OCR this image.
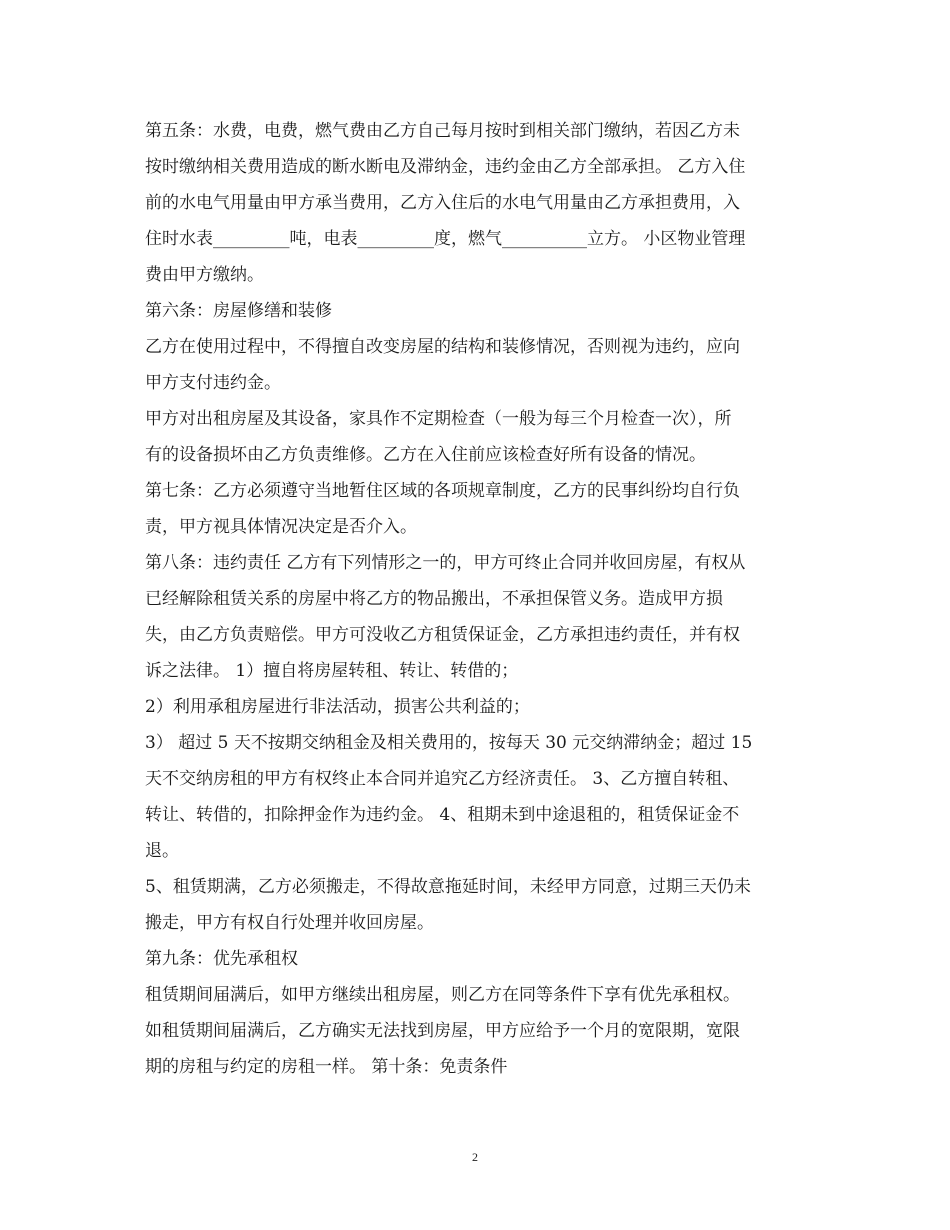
第五条：水费，电费，燃气费由乙方自己每月按时到相关部门缴纳，若因乙方未

按时缴纳相关费用造成的断水断电及滞纳金，违约金由乙方全部承担。 乙方入住

前的水电气用量由甲方承当费用，乙方入住后的水电气用量由乙方承担费用，入

住时水表_________吨，电表_________度，燃气__________立方。 小区物业管理

费由甲方缴纳。

第六条：房屋修缮和装修

乙方在使用过程中，不得擅自改变房屋的结构和装修情况，否则视为违约，应向

甲方支付违约金。

甲方对出租房屋及其设备，家具作不定期检查（一般为每三个月检查一次），所

有的设备损坏由乙方负责维修。乙方在入住前应该检查好所有设备的情况。

第七条：乙方必须遵守当地暂住区域的各项规章制度，乙方的民事纠纷均自行负

责，甲方视具体情况决定是否介入。

第八条：违约责任 乙方有下列情形之一的，甲方可终止合同并收回房屋，有权从

已经解除租赁关系的房屋中将乙方的物品搬出，不承担保管义务。造成甲方损

失，由乙方负责赔偿。甲方可没收乙方租赁保证金，乙方承担违约责任，并有权

诉之法律。 1）擅自将房屋转租、转让、转借的；

2）利用承租房屋进行非法活动，损害公共利益的；

3） 超过 5 天不按期交纳租金及相关费用的，按每天 30 元交纳滞纳金；超过 15

天不交纳房租的甲方有权终止本合同并追究乙方经济责任。 3、乙方擅自转租、

转让、转借的，扣除押金作为违约金。 4、租期未到中途退租的，租赁保证金不

退。

5、租赁期满，乙方必须搬走，不得故意拖延时间，未经甲方同意，过期三天仍未

搬走，甲方有权自行处理并收回房屋。

第九条：优先承租权

租赁期间届满后，如甲方继续出租房屋，则乙方在同等条件下享有优先承租权。

如租赁期间届满后，乙方确实无法找到房屋，甲方应给予一个月的宽限期，宽限

期的房租与约定的房租一样。 第十条：免责条件

2
